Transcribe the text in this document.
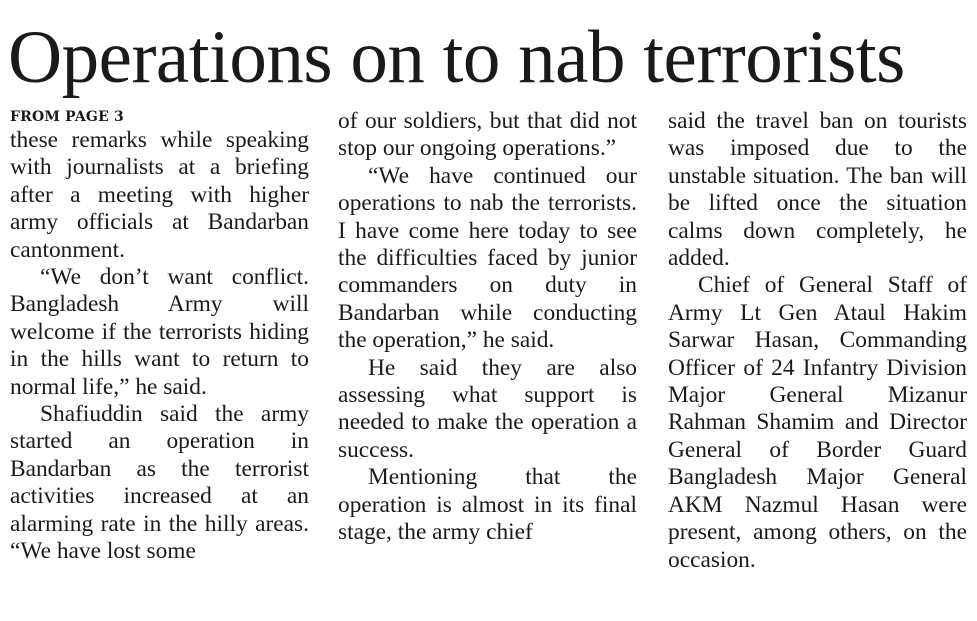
Operations on to nab terrorists
FROM PAGE 3

these remarks while speaking with journalists at a briefing after a meeting with higher army officials at Bandarban cantonment.

“We don’t want conflict. Bangladesh Army will welcome if the terrorists hiding in the hills want to return to normal life,” he said.

Shafiuddin said the army started an operation in Bandarban as the terrorist activities increased at an alarming rate in the hilly areas. “We have lost some

of our soldiers, but that did not stop our ongoing operations.”

“We have continued our operations to nab the terrorists. I have come here today to see the difficulties faced by junior commanders on duty in Bandarban while conducting the operation,” he said.

He said they are also assessing what support is needed to make the operation a success.

Mentioning that the operation is almost in its final stage, the army chief

said the travel ban on tourists was imposed due to the unstable situation. The ban will be lifted once the situation calms down completely, he added.

Chief of General Staff of Army Lt Gen Ataul Hakim Sarwar Hasan, Commanding Officer of 24 Infantry Division Major General Mizanur Rahman Shamim and Director General of Border Guard Bangladesh Major General AKM Nazmul Hasan were present, among others, on the occasion.
